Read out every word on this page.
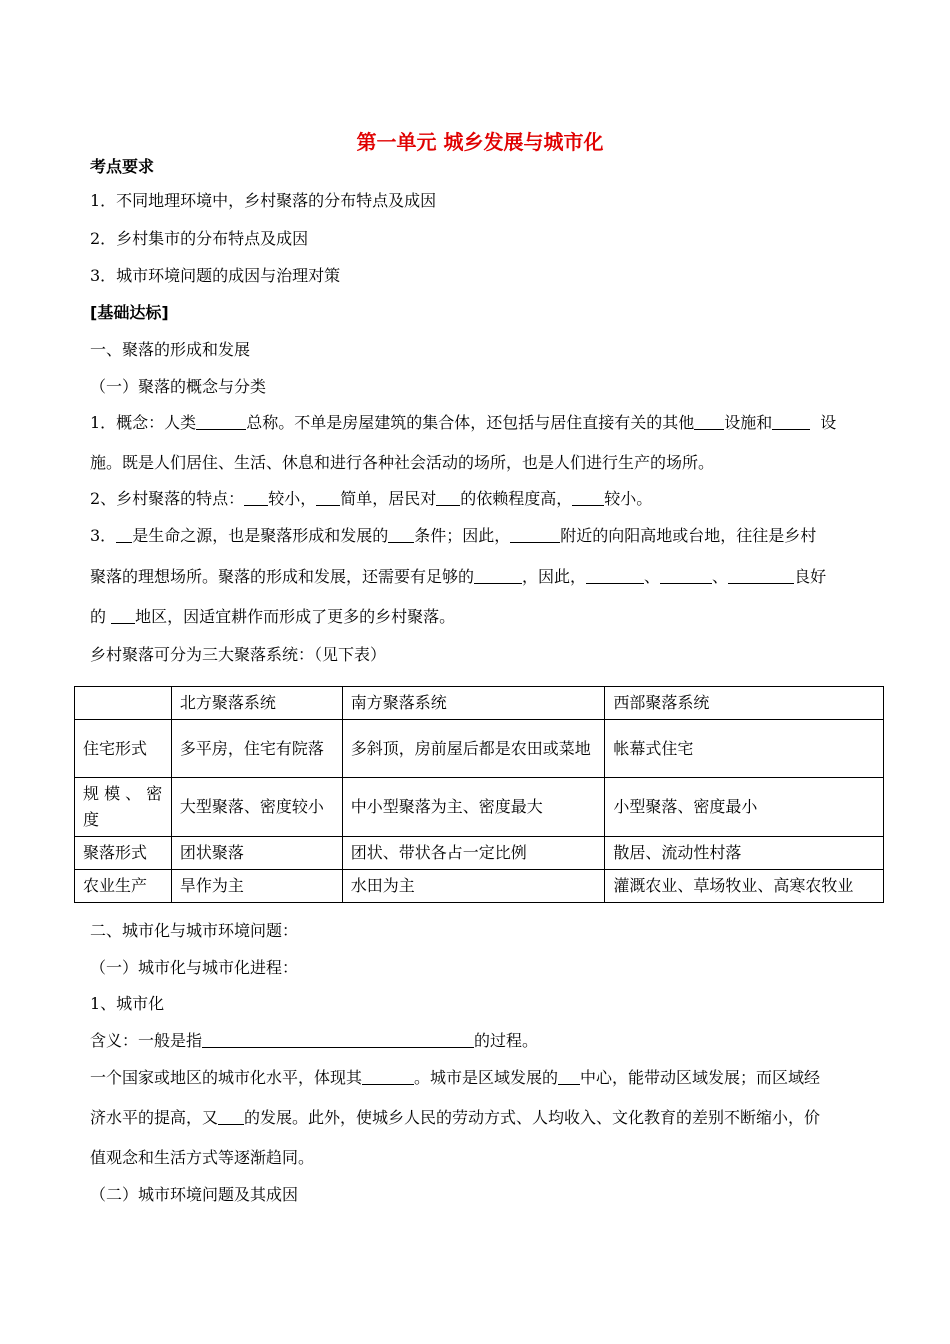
第一单元 城乡发展与城市化
考点要求
1．不同地理环境中，乡村聚落的分布特点及成因
2．乡村集市的分布特点及成因
3．城市环境问题的成因与治理对策
[基础达标]
一、聚落的形成和发展
（一）聚落的概念与分类
1．概念：人类	总称。不单是房屋建筑的集合体，还包括与居住直接有关的其他 设施和	设
施。既是人们居住、生活、休息和进行各种社会活动的场所，也是人们进行生产的场所。
2、乡村聚落的特点： 较小， 简单，居民对 的依赖程度高， 较小。
3． 是生命之源，也是聚落形成和发展的 条件；因此，	附近的向阳高地或台地，往往是乡村
聚落的理想场所。聚落的形成和发展，还需要有足够的	，因此，	、	、	良好
的 地区，因适宜耕作而形成了更多的乡村聚落。
乡村聚落可分为三大聚落系统：（见下表）
	北方聚落系统	南方聚落系统	西部聚落系统
住宅形式	多平房，住宅有院落	多斜顶，房前屋后都是农田或菜地	帐幕式住宅
规 模 、 密度	大型聚落、密度较小	中小型聚落为主、密度最大	小型聚落、密度最小
聚落形式	团状聚落	团状、带状各占一定比例	散居、流动性村落
农业生产	旱作为主	水田为主	灌溉农业、草场牧业、高寒农牧业
二、城市化与城市环境问题：
（一）城市化与城市化进程：
1、城市化
含义：一般是指	的过程。
一个国家或地区的城市化水平，体现其	。城市是区域发展的 中心，能带动区域发展；而区域经
济水平的提高，又 的发展。此外，使城乡人民的劳动方式、人均收入、文化教育的差别不断缩小，价
值观念和生活方式等逐渐趋同。
（二）城市环境问题及其成因
